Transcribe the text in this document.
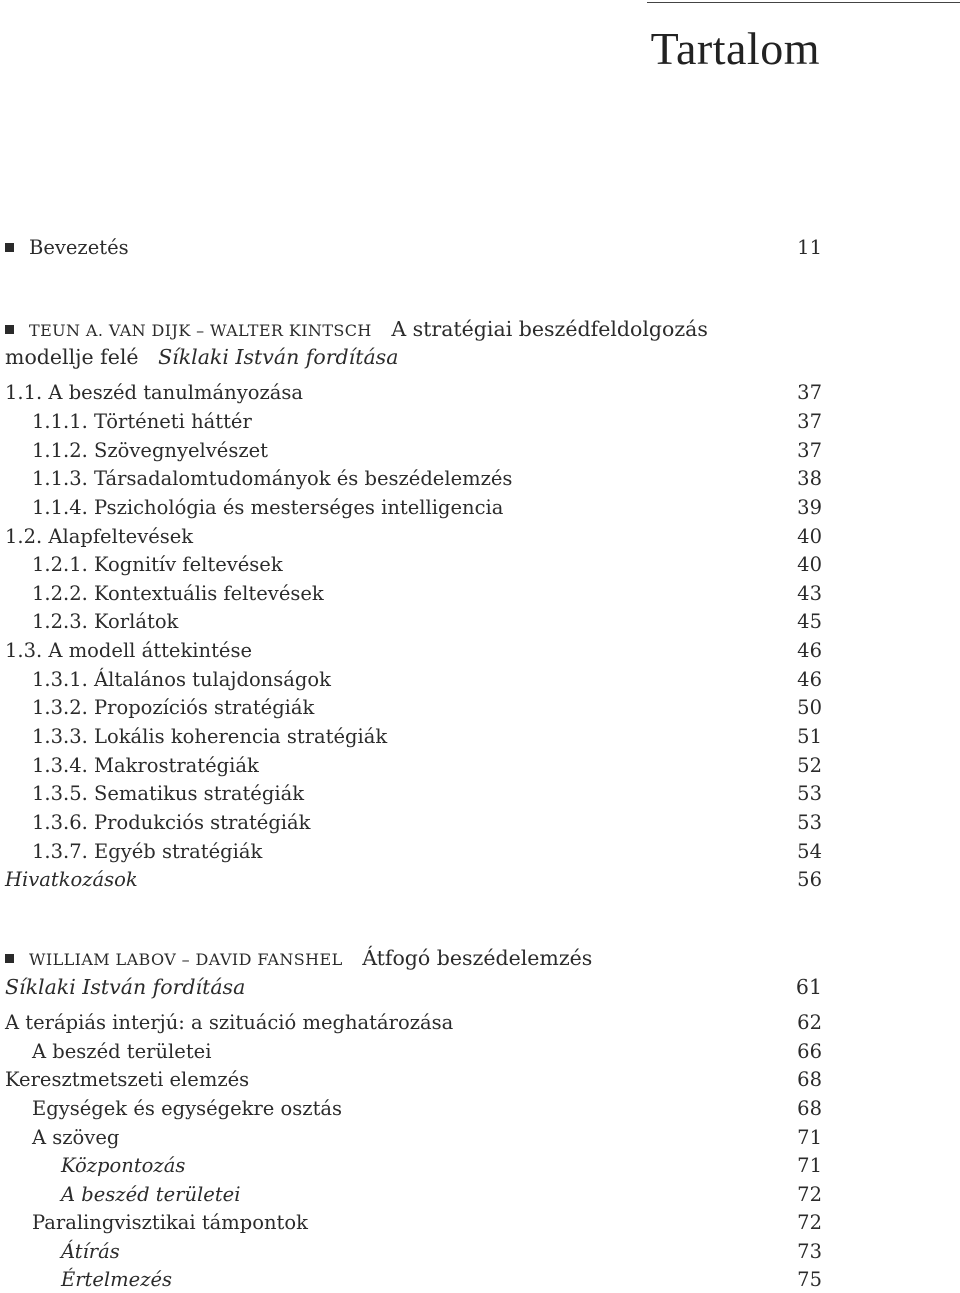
Tartalom
Bevezetés	11
TEUN A. VAN DIJK – WALTER KINTSCH A stratégiai beszédfeldolgozás
modellje felé Síklaki István fordítása
1.1. A beszéd tanulmányozása	37
1.1.1. Történeti háttér	37
1.1.2. Szövegnyelvészet	37
1.1.3. Társadalomtudományok és beszédelemzés	38
1.1.4. Pszichológia és mesterséges intelligencia	39
1.2. Alapfeltevések	40
1.2.1. Kognitív feltevések	40
1.2.2. Kontextuális feltevések	43
1.2.3. Korlátok	45
1.3. A modell áttekintése	46
1.3.1. Általános tulajdonságok	46
1.3.2. Propozíciós stratégiák	50
1.3.3. Lokális koherencia stratégiák	51
1.3.4. Makrostratégiák	52
1.3.5. Sematikus stratégiák	53
1.3.6. Produkciós stratégiák	53
1.3.7. Egyéb stratégiák	54
Hivatkozások	56
WILLIAM LABOV – DAVID FANSHEL Átfogó beszédelemzés
Síklaki István fordítása	61
A terápiás interjú: a szituáció meghatározása	62
A beszéd területei	66
Keresztmetszeti elemzés	68
Egységek és egységekre osztás	68
A szöveg	71
Központozás	71
A beszéd területei	72
Paralingvisztikai támpontok	72
Átírás	73
Értelmezés	75
